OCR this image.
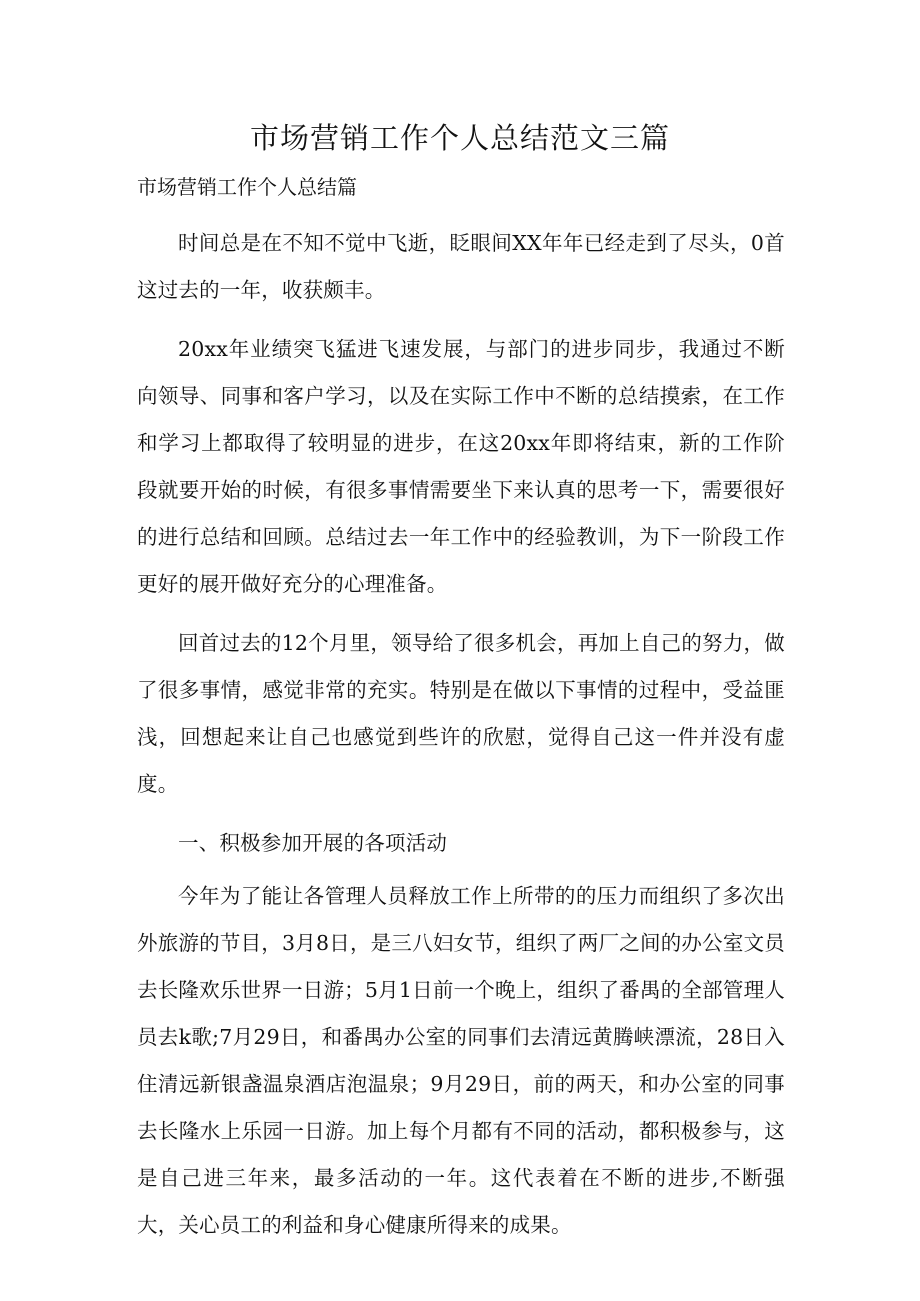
市场营销工作个人总结范文三篇
市场营销工作个人总结篇

时间总是在不知不觉中飞逝，眨眼间XX年年已经走到了尽头，0首这过去的一年，收获颇丰。

20xx年业绩突飞猛进飞速发展，与部门的进步同步，我通过不断向领导、同事和客户学习，以及在实际工作中不断的总结摸索，在工作和学习上都取得了较明显的进步，在这20xx年即将结束，新的工作阶段就要开始的时候，有很多事情需要坐下来认真的思考一下，需要很好的进行总结和回顾。总结过去一年工作中的经验教训，为下一阶段工作更好的展开做好充分的心理准备。

回首过去的12个月里，领导给了很多机会，再加上自己的努力，做了很多事情，感觉非常的充实。特别是在做以下事情的过程中，受益匪浅，回想起来让自己也感觉到些许的欣慰，觉得自己这一件并没有虚度。

一、积极参加开展的各项活动

今年为了能让各管理人员释放工作上所带的的压力而组织了多次出外旅游的节目，3月8日，是三八妇女节，组织了两厂之间的办公室文员去长隆欢乐世界一日游；5月1日前一个晚上，组织了番禺的全部管理人员去k歌;7月29日，和番禺办公室的同事们去清远黄腾峡漂流，28日入住清远新银盏温泉酒店泡温泉；9月29日，前的两天，和办公室的同事去长隆水上乐园一日游。加上每个月都有不同的活动，都积极参与，这是自己进三年来，最多活动的一年。这代表着在不断的进步,不断强大，关心员工的利益和身心健康所得来的成果。
